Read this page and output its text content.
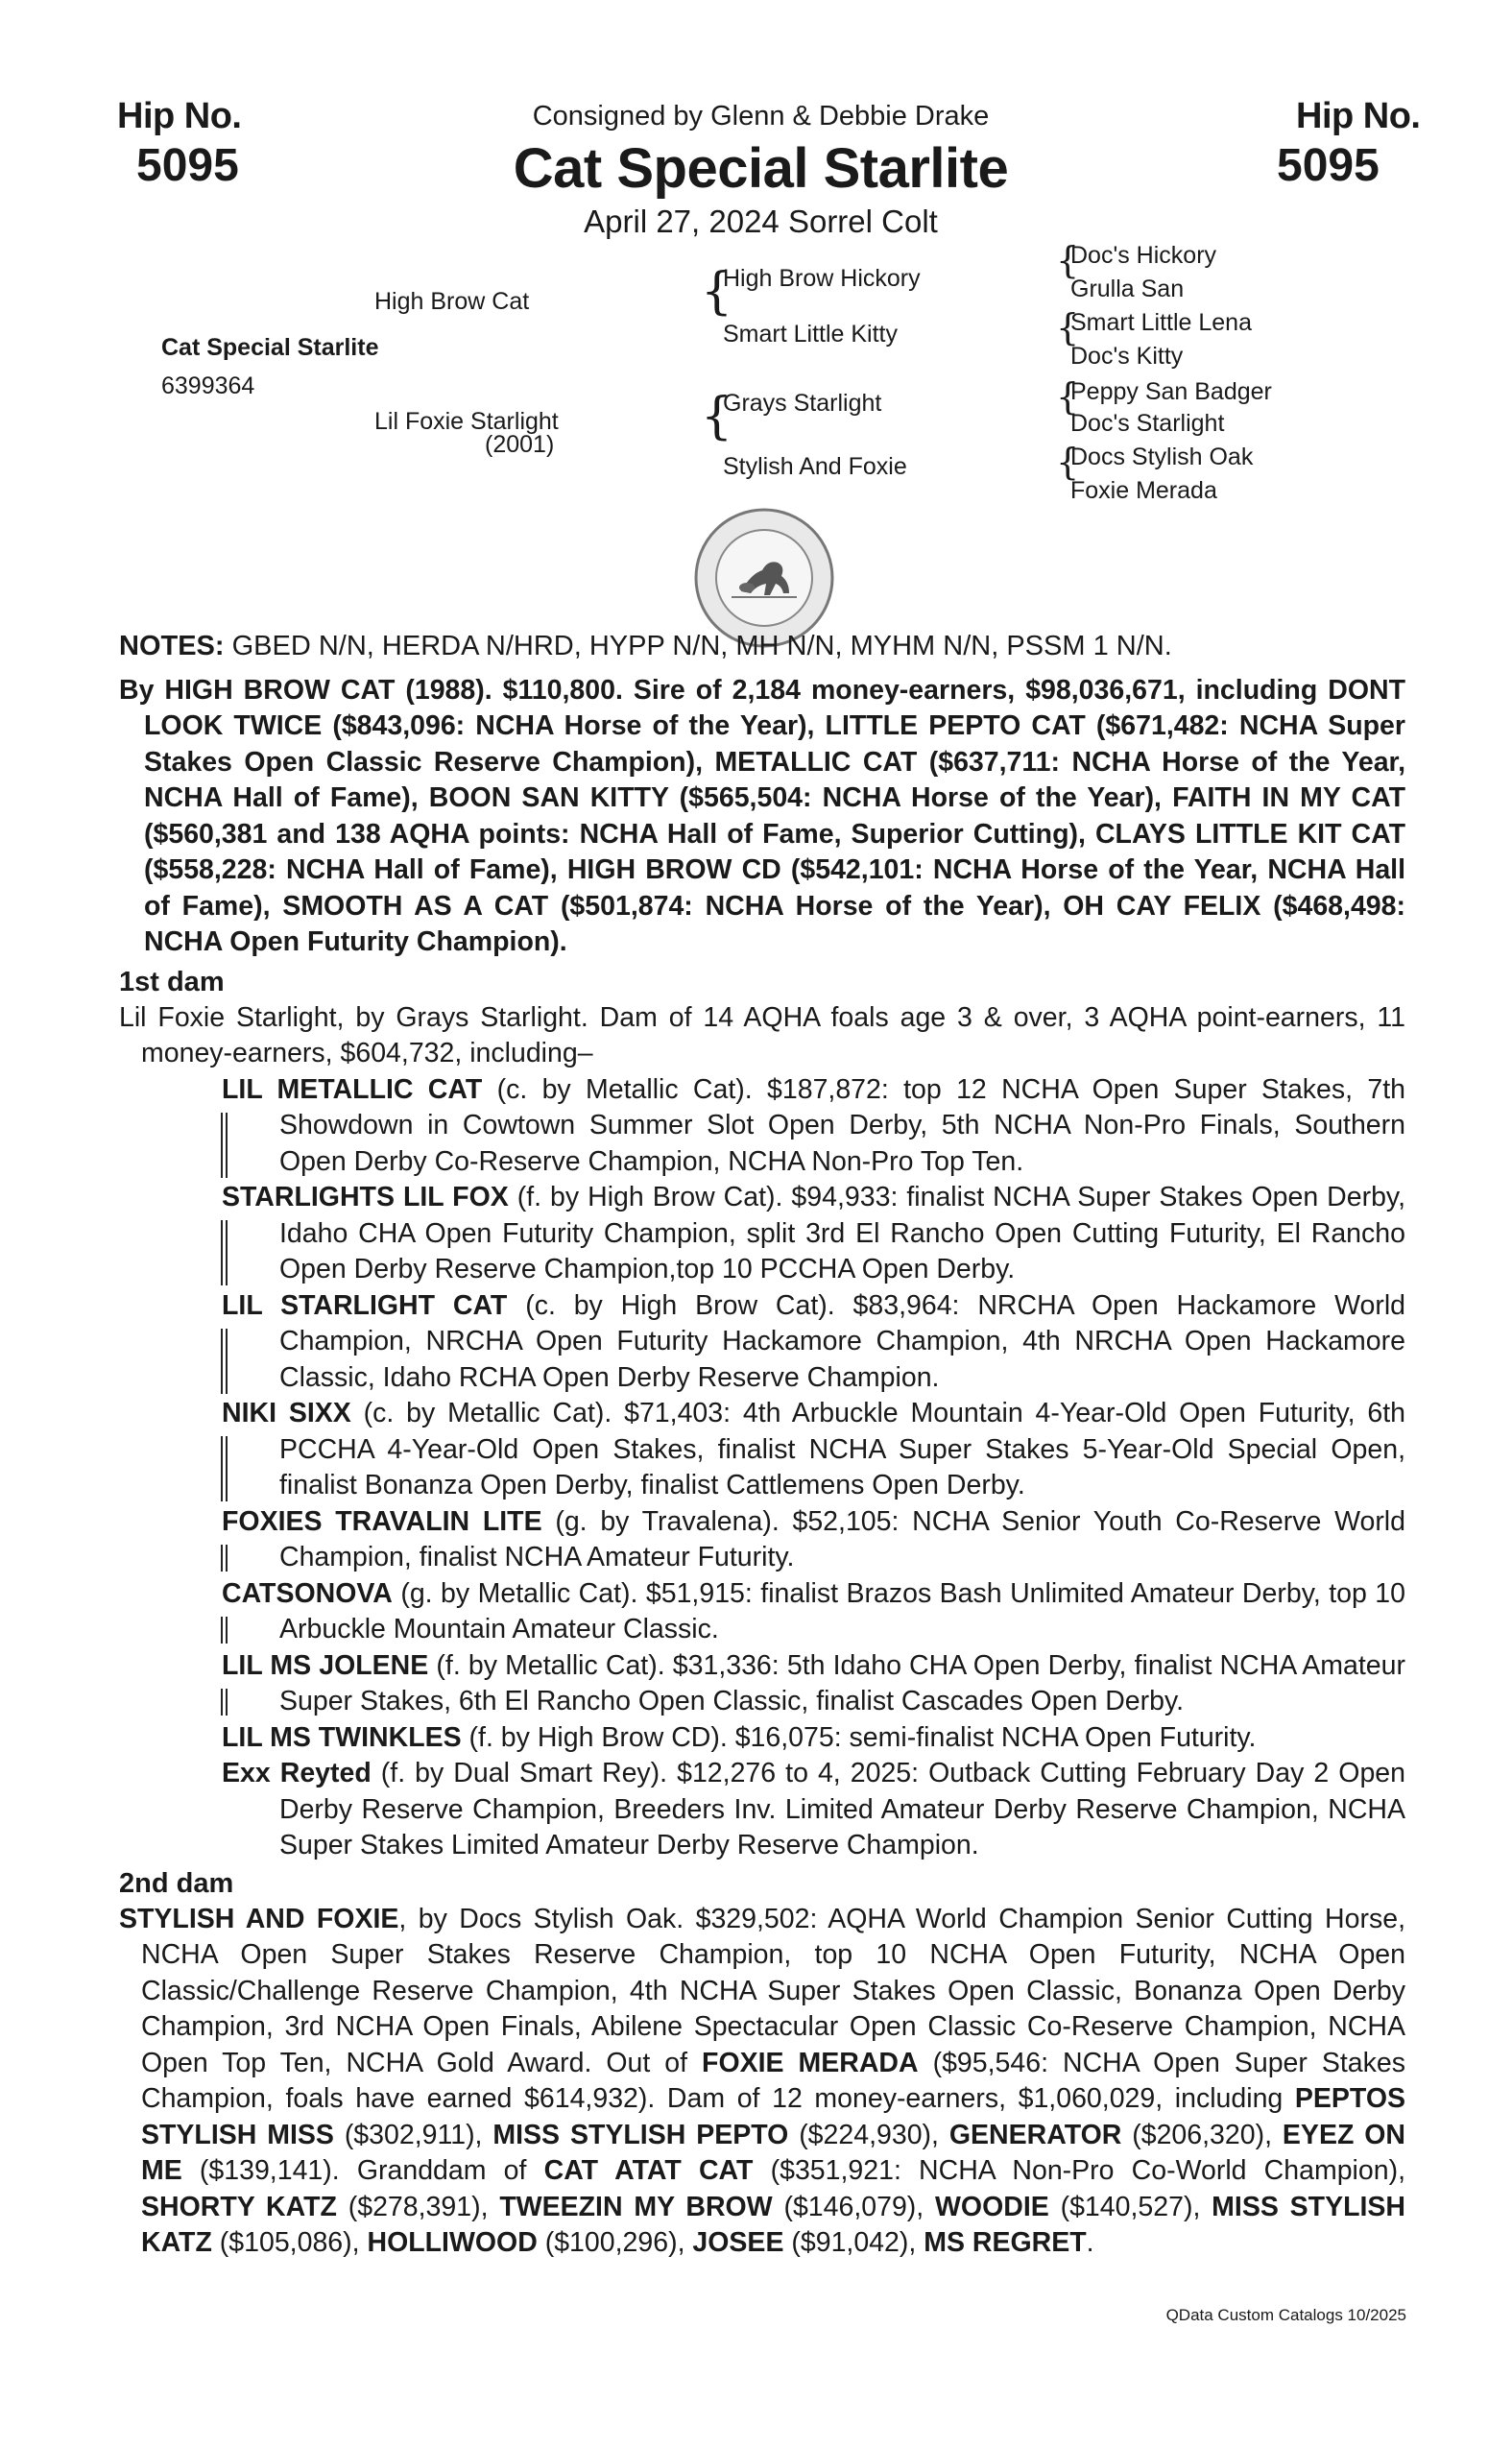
Hip No.
5095
Hip No.
5095
Consigned by Glenn & Debbie Drake
Cat Special Starlite
April 27, 2024 Sorrel Colt
Cat Special Starlite
6399364
High Brow Cat
Lil Foxie Starlight
(2001)
{
High Brow Hickory
Smart Little Kitty
{
Grays Starlight
Stylish And Foxie
{
Doc's Hickory
Grulla San
{
Smart Little Lena
Doc's Kitty
{
Peppy San Badger
Doc's Starlight
{
Docs Stylish Oak
Foxie Merada

NOTES: GBED N/N, HERDA N/HRD, HYPP N/N, MH N/N, MYHM N/N, PSSM 1 N/N.

By HIGH BROW CAT (1988). $110,800. Sire of 2,184 money-earners, $98,036,671, including DONT LOOK TWICE ($843,096: NCHA Horse of the Year), LITTLE PEPTO CAT ($671,482: NCHA Super Stakes Open Classic Reserve Champion), METALLIC CAT ($637,711: NCHA Horse of the Year, NCHA Hall of Fame), BOON SAN KITTY ($565,504: NCHA Horse of the Year), FAITH IN MY CAT ($560,381 and 138 AQHA points: NCHA Hall of Fame, Superior Cutting), CLAYS LITTLE KIT CAT ($558,228: NCHA Hall of Fame), HIGH BROW CD ($542,101: NCHA Horse of the Year, NCHA Hall of Fame), SMOOTH AS A CAT ($501,874: NCHA Horse of the Year), OH CAY FELIX ($468,498: NCHA Open Futurity Champion).

1st dam

Lil Foxie Starlight, by Grays Starlight. Dam of 14 AQHA foals age 3 & over, 3 AQHA point-earners, 11 money-earners, $604,732, including–

LIL METALLIC CAT (c. by Metallic Cat). $187,872: top 12 NCHA Open Super Stakes, 7th Showdown in Cowtown Summer Slot Open Derby, 5th NCHA Non-Pro Finals, Southern Open Derby Co-Reserve Champion, NCHA Non-Pro Top Ten.

STARLIGHTS LIL FOX (f. by High Brow Cat). $94,933: finalist NCHA Super Stakes Open Derby, Idaho CHA Open Futurity Champion, split 3rd El Rancho Open Cutting Futurity, El Rancho Open Derby Reserve Champion,top 10 PCCHA Open Derby.

LIL STARLIGHT CAT (c. by High Brow Cat). $83,964: NRCHA Open Hackamore World Champion, NRCHA Open Futurity Hackamore Champion, 4th NRCHA Open Hackamore Classic, Idaho RCHA Open Derby Reserve Champion.

NIKI SIXX (c. by Metallic Cat). $71,403: 4th Arbuckle Mountain 4-Year-Old Open Futurity, 6th PCCHA 4-Year-Old Open Stakes, finalist NCHA Super Stakes 5-Year-Old Special Open, finalist Bonanza Open Derby, finalist Cattlemens Open Derby.

FOXIES TRAVALIN LITE (g. by Travalena). $52,105: NCHA Senior Youth Co-Reserve World Champion, finalist NCHA Amateur Futurity.

CATSONOVA (g. by Metallic Cat). $51,915: finalist Brazos Bash Unlimited Amateur Derby, top 10 Arbuckle Mountain Amateur Classic.

LIL MS JOLENE (f. by Metallic Cat). $31,336: 5th Idaho CHA Open Derby, finalist NCHA Amateur Super Stakes, 6th El Rancho Open Classic, finalist Cascades Open Derby.

LIL MS TWINKLES (f. by High Brow CD). $16,075: semi-finalist NCHA Open Futurity.

Exx Reyted (f. by Dual Smart Rey). $12,276 to 4, 2025: Outback Cutting February Day 2 Open Derby Reserve Champion, Breeders Inv. Limited Amateur Derby Reserve Champion, NCHA Super Stakes Limited Amateur Derby Reserve Champion.

2nd dam

STYLISH AND FOXIE, by Docs Stylish Oak. $329,502: AQHA World Champion Senior Cutting Horse, NCHA Open Super Stakes Reserve Champion, top 10 NCHA Open Futurity, NCHA Open Classic/Challenge Reserve Champion, 4th NCHA Super Stakes Open Classic, Bonanza Open Derby Champion, 3rd NCHA Open Finals, Abilene Spectacular Open Classic Co-Reserve Champion, NCHA Open Top Ten, NCHA Gold Award. Out of FOXIE MERADA ($95,546: NCHA Open Super Stakes Champion, foals have earned $614,932). Dam of 12 money-earners, $1,060,029, including PEPTOS STYLISH MISS ($302,911), MISS STYLISH PEPTO ($224,930), GENERATOR ($206,320), EYEZ ON ME ($139,141). Granddam of CAT ATAT CAT ($351,921: NCHA Non-Pro Co-World Champion), SHORTY KATZ ($278,391), TWEEZIN MY BROW ($146,079), WOODIE ($140,527), MISS STYLISH KATZ ($105,086), HOLLIWOOD ($100,296), JOSEE ($91,042), MS REGRET.

QData Custom Catalogs 10/2025
